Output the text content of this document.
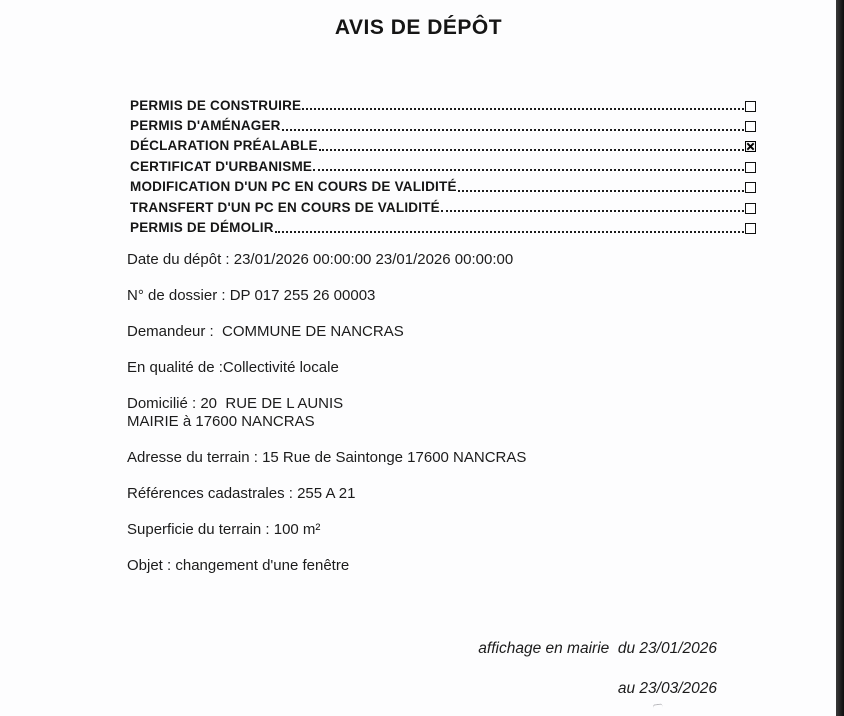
AVIS DE DÉPÔT
PERMIS DE CONSTRUIRE
PERMIS D'AMÉNAGER
DÉCLARATION PRÉALABLE
CERTIFICAT D'URBANISME
MODIFICATION D'UN PC EN COURS DE VALIDITÉ
TRANSFERT D'UN PC EN COURS DE VALIDITÉ
PERMIS DE DÉMOLIR

Date du dépôt : 23/01/2026 00:00:00 23/01/2026 00:00:00

N° de dossier : DP 017 255 26 00003

Demandeur :  COMMUNE DE NANCRAS

En qualité de :Collectivité locale

Domicilié : 20  RUE DE L AUNIS
MAIRIE à 17600 NANCRAS

Adresse du terrain : 15 Rue de Saintonge 17600 NANCRAS

Références cadastrales : 255 A 21

Superficie du terrain : 100 m²

Objet : changement d'une fenêtre

affichage en mairie  du 23/01/2026
au 23/03/2026
